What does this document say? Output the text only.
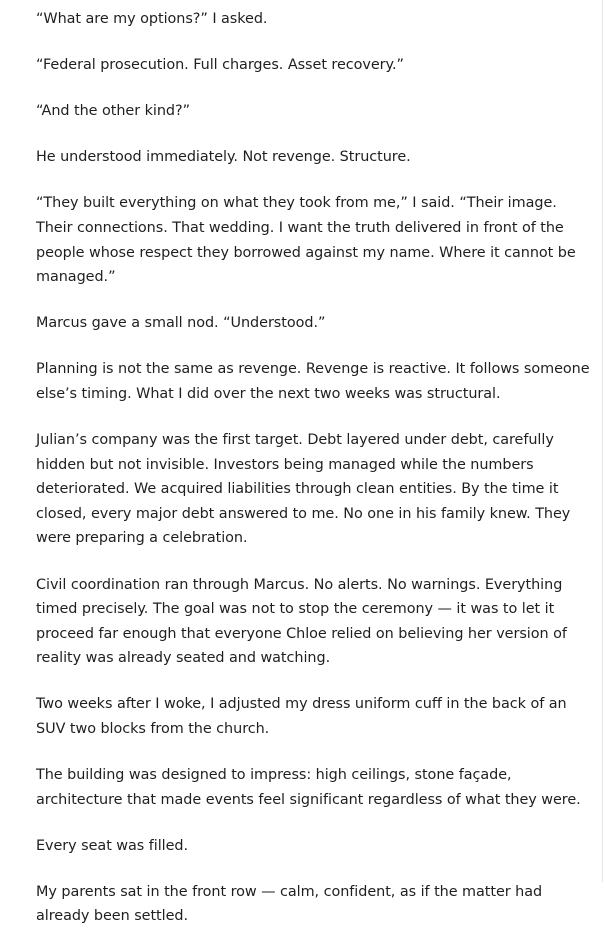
“What are my options?” I asked.

“Federal prosecution. Full charges. Asset recovery.”

“And the other kind?”

He understood immediately. Not revenge. Structure.

“They built everything on what they took from me,” I said. “Their image. Their connections. That wedding. I want the truth delivered in front of the people whose respect they borrowed against my name. Where it cannot be managed.”

Marcus gave a small nod. “Understood.”

Planning is not the same as revenge. Revenge is reactive. It follows someone else’s timing. What I did over the next two weeks was structural.

Julian’s company was the first target. Debt layered under debt, carefully hidden but not invisible. Investors being managed while the numbers deteriorated. We acquired liabilities through clean entities. By the time it closed, every major debt answered to me. No one in his family knew. They were preparing a celebration.

Civil coordination ran through Marcus. No alerts. No warnings. Everything timed precisely. The goal was not to stop the ceremony — it was to let it proceed far enough that everyone Chloe relied on believing her version of reality was already seated and watching.

Two weeks after I woke, I adjusted my dress uniform cuff in the back of an SUV two blocks from the church.

The building was designed to impress: high ceilings, stone façade, architecture that made events feel significant regardless of what they were.

Every seat was filled.

My parents sat in the front row — calm, confident, as if the matter had already been settled.
